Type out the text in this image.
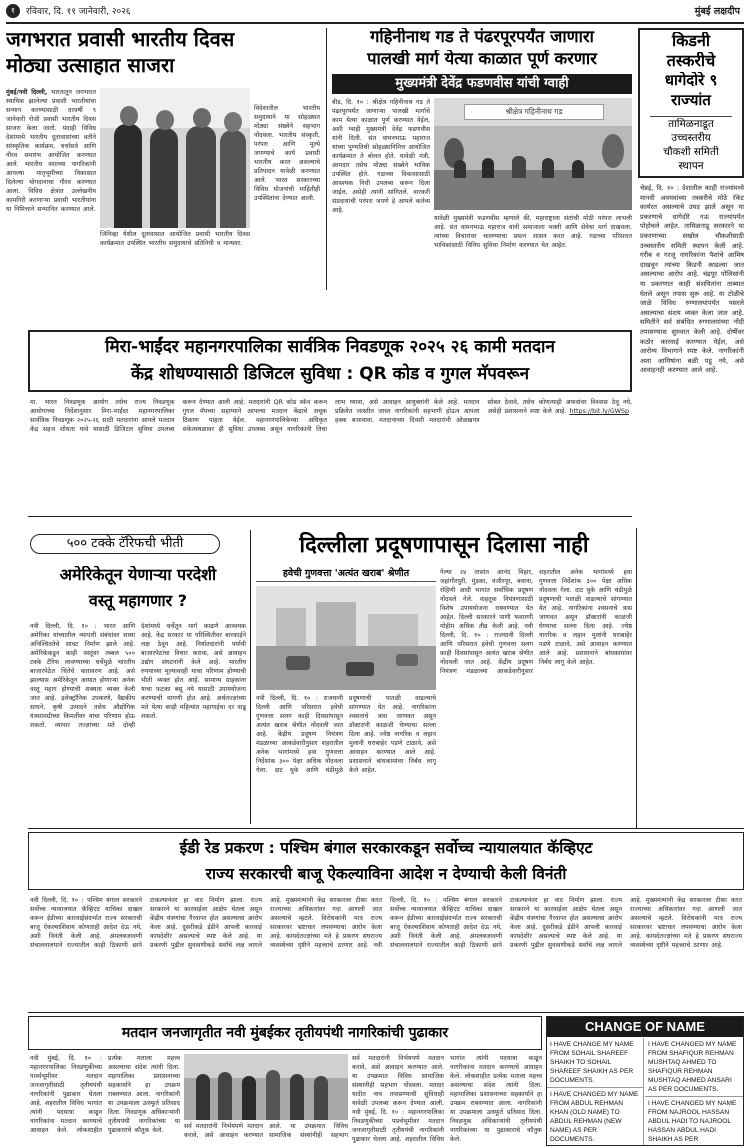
१	रविवार, दि. ११ जानेवारी, २०२६	मुंबई लक्षदीप
जगभरात प्रवासी भारतीय दिवस
मोठ्या उत्साहात साजरा
मुंबई/नवी दिल्ली, भारतातून जगभरात स्थायिक झालेल्या प्रवासी भारतीयांचा सन्मान करण्यासाठी दरवर्षी ९ जानेवारी रोजी प्रवासी भारतीय दिवस साजरा केला जातो. यंदाही विविध देशांमध्ये भारतीय दूतावासांच्या वतीने सांस्कृतिक कार्यक्रम, चर्चासत्रे आणि गौरव समारंभ आयोजित करण्यात आले. भारतीय वंशाच्या नागरिकांनी आपल्या मातृभूमीच्या विकासात दिलेल्या योगदानाचा गौरव करण्यात आला. विविध क्षेत्रांत उल्लेखनीय कामगिरी करणाऱ्या प्रवासी भारतीयांना या निमित्ताने सन्मानित करण्यात आले.
जिनिव्हा येथील दूतावासात आयोजित प्रवासी भारतीय दिवस कार्यक्रमात उपस्थित भारतीय समुदायाचे प्रतिनिधी व मान्यवर.
विदेशातील भारतीय समुदायाने या सोहळ्यात मोठ्या संख्येने सहभाग नोंदवला. भारतीय संस्कृती, परंपरा आणि मूल्ये जपण्याचे कार्य प्रवासी भारतीय करत असल्याचे प्रतिपादन यावेळी करण्यात आले. भारत सरकारच्या विविध योजनांची माहितीही उपस्थितांना देण्यात आली.
गहिनीनाथ गड ते पंढरपूरपर्यंत जाणारा
पालखी मार्ग येत्या काळात पूर्ण करणार
मुख्यमंत्री देवेंद्र फडणवीस यांची ग्वाही
बीड, दि. १० : श्रीक्षेत्र गहिनीनाथ गड ते पंढरपूरपर्यंत जाणाऱ्या पालखी मार्गाचे काम येत्या काळात पूर्ण करण्यात येईल, अशी ग्वाही मुख्यमंत्री देवेंद्र फडणवीस यांनी दिली. संत वामनभाऊ महाराज यांच्या पुण्यतिथी सोहळ्यानिमित्त आयोजित कार्यक्रमात ते बोलत होते. यावेळी मंत्री, आमदार तसेच मोठ्या संख्येने भाविक उपस्थित होते. गडाच्या विकासासाठी आवश्यक निधी उपलब्ध करून दिला जाईल, असेही त्यांनी सांगितले. वारकरी संप्रदायाची परंपरा जपणे हे आपले कर्तव्य आहे.
श्रीक्षेत्र गहिनीनाथ गड
यावेळी मुख्यमंत्री फडणवीस म्हणाले की, महाराष्ट्राला संतांची मोठी परंपरा लाभली आहे. संत वामनभाऊ महाराज यांनी समाजाला भक्ती आणि सेवेचा मार्ग दाखवला. त्यांच्या विचारांवर चालण्याचा प्रयत्न शासन करत आहे. गडाच्या परिसरात भाविकांसाठी विविध सुविधा निर्माण करण्यात येत आहेत.
किडनी
तस्करीचे
धागेदोरे ९
राज्यांत
तामिळनाडूत
उच्चस्तरीय
चौकशी समिती
स्थापन
चेन्नई, दि. १० : देशातील काही राज्यांमध्ये मानवी अवयवांच्या तस्करीचे मोठे रॅकेट कार्यरत असल्याचे उघड झाले असून या प्रकरणाचे धागेदोरे नऊ राज्यांपर्यंत पोहोचले आहेत. तामिळनाडू सरकारने या प्रकरणाच्या सखोल चौकशीसाठी उच्चस्तरीय समिती स्थापन केली आहे. गरीब व गरजू नागरिकांना पैशांचे आमिष दाखवून त्यांच्या किडनी काढल्या जात असल्याचा आरोप आहे. चंद्रपूर पोलिसांनी या प्रकरणात काही संशयितांना ताब्यात घेतले असून तपास सुरू आहे. या टोळीचे जाळे विविध रुग्णालयांपर्यंत पसरले असल्याचा संशय व्यक्त केला जात आहे. समितीने सर्व संबंधित रुग्णालयांच्या नोंदी तपासण्यास सुरुवात केली आहे. दोषींवर कठोर कारवाई करण्यात येईल, असे आरोग्य विभागाने स्पष्ट केले. नागरिकांनी अशा आमिषांना बळी पडू नये, असे आवाहनही करण्यात आले आहे.
मिरा-भाईंदर महानगरपालिका सार्वत्रिक निवडणूक २०२५ २६ कामी मतदान
केंद्र शोधण्यासाठी डिजिटल सुविधा : QR कोड व गुगल मॅपवरून
मा. भारत निवडणूक आयोग तसेच राज्य निवडणूक आयोगाच्या निर्देशानुसार मिरा-भाईंदर महानगरपालिका सार्वत्रिक निवडणूक २०२५-२६ साठी मतदारांना आपले मतदान केंद्र सहज शोधता यावे यासाठी डिजिटल सुविधा उपलब्ध करून देण्यात आली आहे. मतदारांनी QR कोड स्कॅन करून गुगल मॅपच्या सहाय्याने आपल्या मतदान केंद्राचे अचूक ठिकाण पाहता येईल. महानगरपालिकेच्या अधिकृत संकेतस्थळावर ही सुविधा उपलब्ध असून नागरिकांनी तिचा लाभ घ्यावा, असे आवाहन आयुक्तांनी केले आहे. मतदान प्रक्रियेत जास्तीत जास्त नागरिकांनी सहभागी होऊन आपला हक्क बजावावा. मतदानाच्या दिवशी मतदारांनी ओळखपत्र सोबत ठेवावे, तसेच कोणत्याही अफवांवर विश्वास ठेवू नये, असेही प्रशासनाने स्पष्ट केले आहे. https://bit.ly/GWSp
५०० टक्के टॅरिफची भीती
अमेरिकेतून येणाऱ्या परदेशी
वस्तू महागणार ?
नवी दिल्ली, दि. १० : भारत आणि अमेरिका यांच्यातील व्यापारी संबंधांवर सध्या अनिश्चिततेचे सावट निर्माण झाले आहे. अमेरिकेकडून काही वस्तूंवर तब्बल ५०० टक्के टॅरिफ लावण्याच्या चर्चेमुळे भारतीय बाजारपेठेत चिंतेचे वातावरण आहे. असे झाल्यास अमेरिकेतून आयात होणाऱ्या अनेक वस्तू महाग होण्याची शक्यता व्यक्त केली जात आहे. इलेक्ट्रॉनिक उपकरणे, वैद्यकीय साधने, कृषी उत्पादने तसेच औद्योगिक यंत्रसामग्रीच्या किमतींवर याचा परिणाम होऊ शकतो. व्यापार तज्ज्ञांच्या मते दोन्ही देशांमध्ये चर्चेतून मार्ग काढणे आवश्यक आहे. केंद्र सरकार या परिस्थितीवर बारकाईने लक्ष ठेवून आहे. निर्यातदारांनी पर्यायी बाजारपेठांचा विचार करावा, असे आवाहन उद्योग संघटनांनी केले आहे. भारतीय रुपयाच्या मूल्यावरही याचा परिणाम होण्याची भीती व्यक्त होत आहे. सामान्य ग्राहकांना याचा फटका बसू नये यासाठी उपाययोजना करण्याची मागणी होत आहे. अर्थतज्ज्ञांच्या मते येत्या काही महिन्यांत महागाईचा दर वाढू शकतो.
दिल्लीला प्रदूषणापासून दिलासा नाही
हवेची गुणवत्ता 'अत्यंत खराब' श्रेणीत
नवी दिल्ली, दि. १० : राजधानी दिल्ली आणि परिसरात हवेची गुणवत्ता सलग काही दिवसांपासून अत्यंत खराब श्रेणीत नोंदवली जात आहे. केंद्रीय प्रदूषण नियंत्रण मंडळाच्या आकडेवारीनुसार शहरातील अनेक भागांमध्ये हवा गुणवत्ता निर्देशांक ३०० पेक्षा अधिक नोंदवला गेला. दाट धुके आणि थंडीमुळे प्रदूषणाची पातळी वाढल्याचे सांगण्यात येत आहे. नागरिकांना श्वसनाचे त्रास जाणवत असून डॉक्टरांनी काळजी घेण्याचा सल्ला दिला आहे. ज्येष्ठ नागरिक व लहान मुलांनी घराबाहेर पडणे टाळावे, असे आवाहन करण्यात आले आहे. प्रशासनाने बांधकामांवर निर्बंध लागू केले आहेत.
गेल्या २४ तासांत आनंद विहार, जहांगीरपुरी, मुंडका, वजीरपूर, बवाना, रोहिणी आदी भागांत सर्वाधिक प्रदूषण नोंदवले गेले. वाहतूक नियंत्रणासाठी विशेष उपाययोजना राबवण्यात येत आहेत. दिल्ली सरकारने पाणी फवारणी मोहीम अधिक तीव्र केली आहे. नवी दिल्ली, दि. १० : राजधानी दिल्ली आणि परिसरात हवेची गुणवत्ता सलग काही दिवसांपासून अत्यंत खराब श्रेणीत नोंदवली जात आहे. केंद्रीय प्रदूषण नियंत्रण मंडळाच्या आकडेवारीनुसार शहरातील अनेक भागांमध्ये हवा गुणवत्ता निर्देशांक ३०० पेक्षा अधिक नोंदवला गेला. दाट धुके आणि थंडीमुळे प्रदूषणाची पातळी वाढल्याचे सांगण्यात येत आहे. नागरिकांना श्वसनाचे त्रास जाणवत असून डॉक्टरांनी काळजी घेण्याचा सल्ला दिला आहे. ज्येष्ठ नागरिक व लहान मुलांनी घराबाहेर पडणे टाळावे, असे आवाहन करण्यात आले आहे. प्रशासनाने बांधकामांवर निर्बंध लागू केले आहेत.
ईडी रेड प्रकरण : पश्चिम बंगाल सरकारकडून सर्वोच्च न्यायालयात कॅव्हिएट
राज्य सरकारची बाजू ऐकल्याविना आदेश न देण्याची केली विनंती
नवी दिल्ली, दि. १० : पश्चिम बंगाल सरकारने सर्वोच्च न्यायालयात कॅव्हिएट याचिका दाखल करून ईडीच्या कारवाईसंदर्भात राज्य सरकारची बाजू ऐकल्याशिवाय कोणताही आदेश देऊ नये, अशी विनंती केली आहे. अंमलबजावणी संचालनालयाने राज्यातील काही ठिकाणी छापे टाकल्यानंतर हा वाद निर्माण झाला. राज्य सरकारने या कारवाईवर आक्षेप घेतला असून केंद्रीय यंत्रणांचा गैरवापर होत असल्याचा आरोप केला आहे. दुसरीकडे ईडीने आपली कारवाई कायदेशीर असल्याचे स्पष्ट केले आहे. या प्रकरणी पुढील सुनावणीकडे सर्वांचे लक्ष लागले आहे. मुख्यमंत्र्यांनी केंद्र सरकारवर टीका करत राज्याच्या अधिकारांवर गदा आणली जात असल्याचे म्हटले. विरोधकांनी मात्र राज्य सरकारवर भ्रष्टाचार लपवण्याचा आरोप केला आहे. कायदेतज्ज्ञांच्या मते हे प्रकरण संघराज्य व्यवस्थेच्या दृष्टीने महत्त्वाचे ठरणार आहे. नवी दिल्ली, दि. १० : पश्चिम बंगाल सरकारने सर्वोच्च न्यायालयात कॅव्हिएट याचिका दाखल करून ईडीच्या कारवाईसंदर्भात राज्य सरकारची बाजू ऐकल्याशिवाय कोणताही आदेश देऊ नये, अशी विनंती केली आहे. अंमलबजावणी संचालनालयाने राज्यातील काही ठिकाणी छापे टाकल्यानंतर हा वाद निर्माण झाला. राज्य सरकारने या कारवाईवर आक्षेप घेतला असून केंद्रीय यंत्रणांचा गैरवापर होत असल्याचा आरोप केला आहे. दुसरीकडे ईडीने आपली कारवाई कायदेशीर असल्याचे स्पष्ट केले आहे. या प्रकरणी पुढील सुनावणीकडे सर्वांचे लक्ष लागले आहे. मुख्यमंत्र्यांनी केंद्र सरकारवर टीका करत राज्याच्या अधिकारांवर गदा आणली जात असल्याचे म्हटले. विरोधकांनी मात्र राज्य सरकारवर भ्रष्टाचार लपवण्याचा आरोप केला आहे. कायदेतज्ज्ञांच्या मते हे प्रकरण संघराज्य व्यवस्थेच्या दृष्टीने महत्त्वाचे ठरणार आहे.
मतदान जनजागृतीत नवी मुंबईकर तृतीयपंथी नागरिकांची पुढाकार
नवी मुंबई, दि. १० : महानगरपालिका निवडणुकीच्या पार्श्वभूमीवर मतदान जनजागृतीसाठी तृतीयपंथी नागरिकांनी पुढाकार घेतला आहे. शहरातील विविध भागांत त्यांनी पदयात्रा काढून नागरिकांना मतदान करण्याचे आवाहन केले. लोकशाहीत प्रत्येक मताला महत्त्व असल्याचा संदेश त्यांनी दिला. महापालिका प्रशासनाच्या सहकार्याने हा उपक्रम राबवण्यात आला. नागरिकांनी या उपक्रमाला उत्स्फूर्त प्रतिसाद दिला. निवडणूक अधिकाऱ्यांनी तृतीयपंथी नागरिकांच्या या पुढाकाराचे कौतुक केले.
सर्व मतदारांनी निर्भयपणे मतदान करावे, असे आवाहन करण्यात आले. या उपक्रमात विविध सामाजिक संस्थांनीही सहभाग
सर्व मतदारांनी निर्भयपणे मतदान करावे, असे आवाहन करण्यात आले. या उपक्रमात विविध सामाजिक संस्थांनीही सहभाग नोंदवला. मतदार यादीत नाव तपासण्याची सुविधाही यावेळी उपलब्ध करून देण्यात आली. नवी मुंबई, दि. १० : महानगरपालिका निवडणुकीच्या पार्श्वभूमीवर मतदान जनजागृतीसाठी तृतीयपंथी नागरिकांनी पुढाकार घेतला आहे. शहरातील विविध भागांत त्यांनी पदयात्रा काढून नागरिकांना मतदान करण्याचे आवाहन केले. लोकशाहीत प्रत्येक मताला महत्त्व असल्याचा संदेश त्यांनी दिला. महापालिका प्रशासनाच्या सहकार्याने हा उपक्रम राबवण्यात आला. नागरिकांनी या उपक्रमाला उत्स्फूर्त प्रतिसाद दिला. निवडणूक अधिकाऱ्यांनी तृतीयपंथी नागरिकांच्या या पुढाकाराचे कौतुक केले.
CHANGE OF NAME
I HAVE CHANGE MY NAME FROM SOHAIL SHAREEF SHAIKH TO SOHAIL SHAREEF SHAIKH AS PER DOCUMENTS.
I HAVE CHANGED MY NAME FROM ABDUL REHMAN KHAN (OLD NAME) TO ABDUL REHMAN (NEW NAME) AS PER DOCUMENTS.
I HAVE CHANGED MY NAME FROM SHAFIQUR REHMAN MUSHTAQ AHMED TO SHAFIQUR REHMAN MUSHTAQ AHMED ANSARI AS PER DOCUMENTS.
I HAVE CHANGED MY NAME FROM NAJROOL HASSAN ABDUL HADI TO NAJROOL HASSAN ABDUL HADI SHAIKH AS PER
